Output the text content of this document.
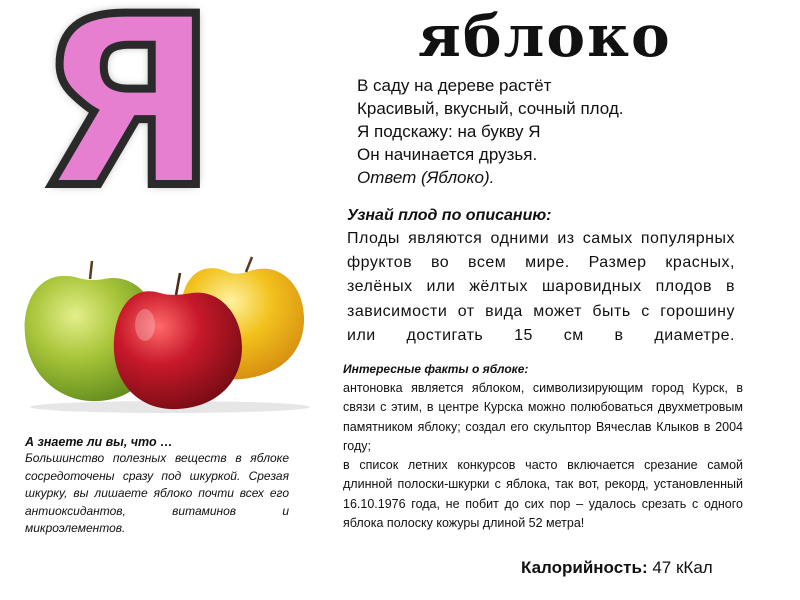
Я	яблоко
В саду на дереве растёт
Красивый, вкусный, сочный плод.
Я подскажу: на букву Я
Он начинается друзья.
Ответ (Яблоко).
Узнай плод по описанию:
Плоды являются одними из самых популярных фруктов во всем мире. Размер красных, зелёных или жёлтых шаровидных плодов в зависимости от вида может быть с горошину или достигать 15 см в диаметре.
Интересные факты о яблоке:
антоновка является яблоком, символизирующим город Курск, в связи с этим, в центре Курска можно полюбоваться двухметровым памятником яблоку; создал его скульптор Вячеслав Клыков в 2004 году;
в список летних конкурсов часто включается срезание самой длинной полоски-шкурки с яблока, так вот, рекорд, установленный 16.10.1976 года, не побит до сих пор – удалось срезать с одного яблока полоску кожуры длиной 52 метра!
А знаете ли вы, что …
Большинство полезных веществ в яблоке сосредоточены сразу под шкуркой. Срезая шкурку, вы лишаете яблоко почти всех его антиоксидантов, витаминов и микроэлементов.
Калорийность: 47 кКал
